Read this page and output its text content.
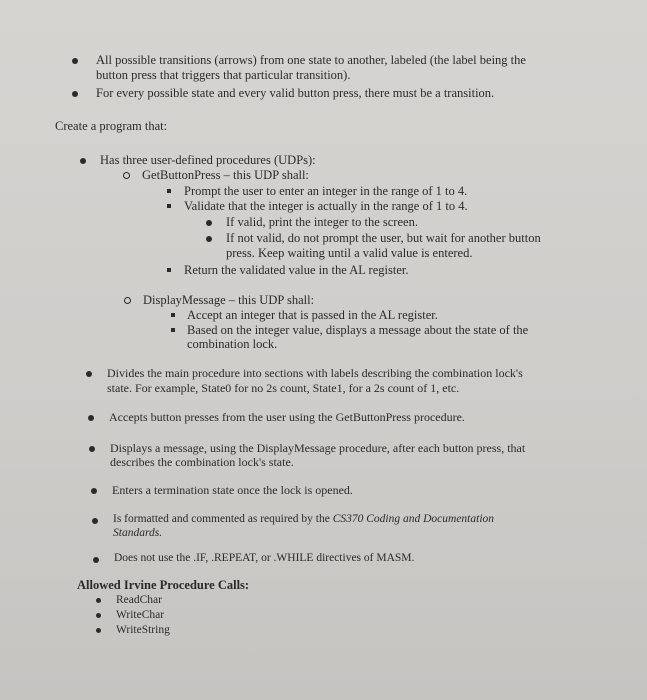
All possible transitions (arrows) from one state to another, labeled (the label being the
button press that triggers that particular transition).
For every possible state and every valid button press, there must be a transition.
Create a program that:
Has three user-defined procedures (UDPs):
GetButtonPress – this UDP shall:
Prompt the user to enter an integer in the range of 1 to 4.
Validate that the integer is actually in the range of 1 to 4.
If valid, print the integer to the screen.
If not valid, do not prompt the user, but wait for another button
press. Keep waiting until a valid value is entered.
Return the validated value in the AL register.
DisplayMessage – this UDP shall:
Accept an integer that is passed in the AL register.
Based on the integer value, displays a message about the state of the
combination lock.
Divides the main procedure into sections with labels describing the combination lock's
state. For example, State0 for no 2s count, State1, for a 2s count of 1, etc.
Accepts button presses from the user using the GetButtonPress procedure.
Displays a message, using the DisplayMessage procedure, after each button press, that
describes the combination lock's state.
Enters a termination state once the lock is opened.
Is formatted and commented as required by the CS370 Coding and Documentation
Standards.
Does not use the .IF, .REPEAT, or .WHILE directives of MASM.
Allowed Irvine Procedure Calls:
ReadChar
WriteChar
WriteString
